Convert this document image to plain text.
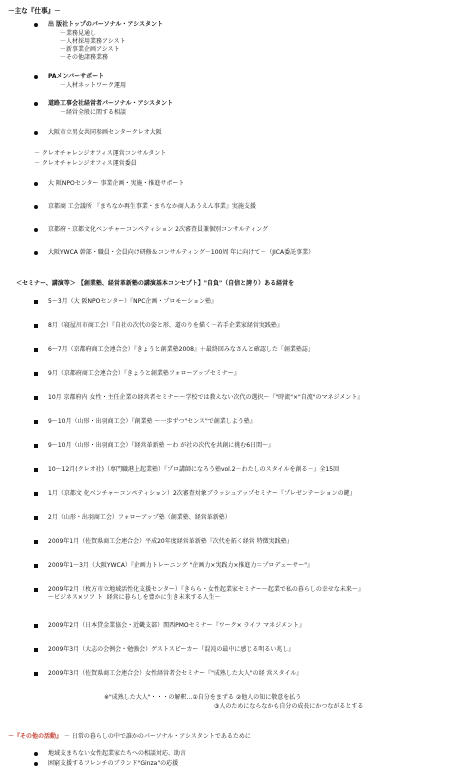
－主な『仕事』－
出 版社トップのパーソナル・アシスタント
－業務見通し
－人材採用業務アシスト
－新事業企画アシスト
－その他諸務業務
PAメンバーサポート
－人材ネットワーク運用
道路工事会社経営者パーソナル・アシスタント
－経営全般に関する相談
大阪市立男女共同参画センタークレオ大阪
－ クレオチャレンジオフィス運営コンサルタント
－ クレオチャレンジオフィス運営委員
大 阪NPOセンター 事業企画・実施・推進サポート
京都商 工会議所 『まちなか再生事業・まちなか商人あうえん事業』実施支援
京都府・京都文化ベンチャーコンペティション 2次審査員兼個別コンサルティング
大阪YWCA 幹部・職員・会員向け研修＆コンサルティング－100周 年に向けて－（JICA委託事業）
＜セミナー、講演等＞ 【創業塾、経営革新塾の講演基本コンセプト】"自負"（自信と誇り）ある経営を
5～3月（大 阪NPOセンター）『NPC企画・プロモーション塾』
8月（寝屋川市商工会）『自社の次代の姿と形、道のりを描く－若手企業家経営実践塾』
6～7月（京都府商工会連合会）『きょうと創業塾2008』＋最終回みなさんと確認した「創業塾誌」
9月（京都府商工会連合会）『きょうと創業塾フォローアップセミナー』
10月 京都府内 女性・主任企業の経営者セミナー～学校では教えない次代の選択～『"時流"×"自流"のマネジメント』
9～10月（山形・出羽商工会）『創業塾 ～一歩ずつ"センス"で創業しよう塾』
9～10月（山形・出羽商工会）『経営革新塾 ～わ が社の次代を共創に挑む6日間～』
10～12月(クレオ社)（専門職港上起業塾）『プロ講師になろう塾vol.2－わたしのスタイルを創る－』全15回
1月（京都文 化ベンチャーコンペティション）2次審査対象ブラッシュアップセミナー『プレゼンテーションの鍵』
2月（山形・出羽商工会）フォローアップ塾（創業塾、経営革新塾）
2009年1月（佐賀県商工会連合会）平成20年度経営革新塾『次代を拓く経営 特徴実践塾』
2009年1～3月（大阪YWCA）『企画力トレーニング "企画力×実践力×推進力＝プロデューサー"』
2009年2月（枚方市立地域活性化支援センター）『きらら・女性起業家セミナー～起業で私の暮らしの幸せな未来～』
～ビジネス×ソフ ト  経営に暮らしを豊かに生き未来する人生～
2009年2月（日本貸金業協会・近畿支部）関西PMOセミナー『ワーク× ライフ マネジメント』
2009年3月（大志の会例会・勉強会）ゲストスピーカー『混沌の最中に感じる明るい兆し』
2009年3月（佐賀県商工会連合会）女性経営者会セミナー『"成熟した大人"の経 営スタイル』
※"成熟した大人"・・・の解釈…①自分をまずる ②他人の知に敬意を払う
③人のためにならなかも自分の成長にかつながるとする
－『その他の活動』 － 日常の暮らしの中で誰かのパーソナル・アシスタントであるために
地域支まちない女性起業家たちへの相談対応、助言
困窮支援するフレンチのブランド"Ginza"の応援
